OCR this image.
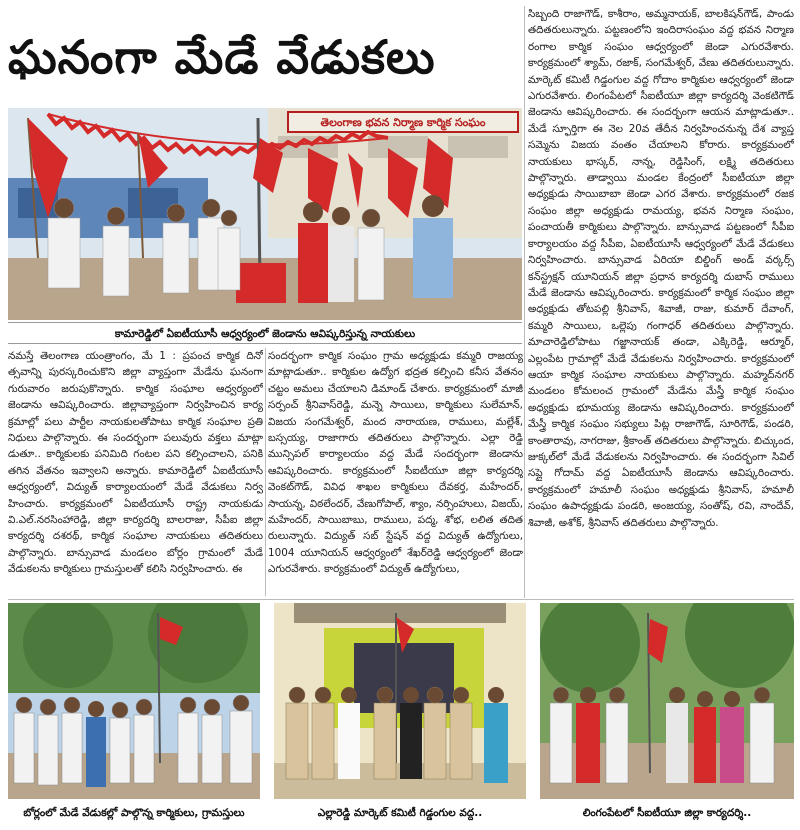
ఘనంగా మేడే వేడుకలు
తెలంగాణ భవన నిర్మాణ కార్మిక సంఘం
కామారెడ్డిలో ఏఐటీయూసీ ఆధ్వర్యంలో జెండాను ఆవిష్కరిస్తున్న నాయకులు

సిబ్బంది రాజాగౌడ్, కాశీరాం, అమ్మనాయక్, బాలకిషన్‌గౌడ్, పాండు తదితరులున్నారు. పట్టణంలోని ఇందిరాసంఘం వద్ద భవన నిర్మాణ రంగాల కార్మిక సంఘం ఆధ్వర్యంలో జెండా ఎగురవేశారు. కార్యక్రమంలో శ్యామ్, రజాక్, సంగమేశ్వర్, వేణు తదితరులున్నారు. మార్కెట్ కమిటీ గిడ్డంగుల వద్ద గోదాం కార్మికుల ఆధ్వర్యంలో జెండా ఎగురవేశారు. లింగంపేటలో సీఐటీయూ జిల్లా కార్యదర్శి వెంకటిగౌడ్ జెండాను ఆవిష్కరించారు. ఈ సందర్భంగా ఆయన మాట్లాడుతూ.. మేడే స్ఫూర్తిగా ఈ నెల 20వ తేదీన నిర్వహించనున్న దేశ వ్యాప్త సమ్మెను విజయ వంతం చేయాలని కోరారు. కార్యక్రమంలో నాయకులు భాస్కర్, నాన్న, రెడ్డిసింగ్, లక్ష్మి తదితరులు పాల్గొన్నారు. తాడ్వాయి మండల కేంద్రంలో సీఐటీయూ జిల్లా అధ్యక్షుడు సాయిబాబా జెండా ఎగర వేశారు. కార్యక్రమంలో రజక సంఘం జిల్లా అధ్యక్షుడు రామయ్య, భవన నిర్మాణ సంఘం, పంచాయతీ కార్మికులు పాల్గొన్నారు. బాన్సువాడ పట్టణంలో సీపీఐ కార్యాలయం వద్ద సీపీఐ, ఏఐటీయూసీ ఆధ్వర్యంలో మేడే వేడుకలు నిర్వహించారు. బాన్సువాడ ఏరియా బిల్డింగ్ అండ్ వర్కర్స్ కన్‌స్ట్రక్షన్ యూనియన్ జిల్లా ప్రధాన కార్యదర్శి దుబాస్ రాములు మేడే జెండాను ఆవిష్కరించారు. కార్యక్రమంలో కార్మిక సంఘం జిల్లా అధ్యక్షుడు తోటపల్లి శ్రీనివాస్, శివాజీ, రాజు, కుమార్ దేవాంగ్, కమ్మరి సాయిలు, ఒల్లెపు గంగాధర్ తదితరులు పాల్గొన్నారు. మాచారెడ్డిలోపాటు గజ్జానాయక్ తండా, ఎక్కిరెడ్డి, ఆర్మూర్, ఎల్లంపేట గ్రామాల్లో మేడే వేడుకలను నిర్వహించారు. కార్యక్రమంలో ఆయా కార్మిక సంఘాల నాయకులు పాల్గొన్నారు. మహ్మద్‌నగర్ మండలం కోమలంచ గ్రామంలో మేడేను మేస్త్రీ కార్మిక సంఘం అధ్యక్షుడు భూమయ్య జెండాను ఆవిష్కరించారు. కార్యక్రమంలో మేస్త్రీ కార్మిక సంఘం సభ్యులు పిట్ల రాజాగౌడ్, సూరిగౌడ్, పండరి, కాంతారావు, నాగరాజు, శ్రీకాంత్ తదితరులు పాల్గొన్నారు. బిచ్కుంద, జుక్కల్‌లో మేడే వేడుకలను నిర్వహించారు. ఈ సందర్భంగా సివిల్ సప్లై గోదామ్ వద్ద ఏఐటీయూసీ జెండాను ఆవిష్కరించారు. కార్యక్రమంలో హమాలీ సంఘం అధ్యక్షుడు శ్రీనివాస్, హమాలీ సంఘం ఉపాధ్యక్షుడు పండరి, అంజయ్య, సంతోష్, రవి, నాందేవ్, శివాజీ, అశోక్, శ్రీనివాస్ తదితరులు పాల్గొన్నారు.

నమస్తే తెలంగాణ యంత్రాంగం, మే 1 : ప్రపంచ కార్మిక దినో త్సవాన్ని పురస్కరించుకొని జిల్లా వ్యాప్తంగా మేడేను ఘనంగా గురువారం జరుపుకొన్నారు. కార్మిక సంఘాల ఆధ్వర్యంలో జెండాను ఆవిష్కరించారు. జిల్లావ్యాప్తంగా నిర్వహించిన కార్య క్రమాల్లో పలు పార్టీల నాయకులతోపాటు కార్మిక సంఘాల ప్రతి నిధులు పాల్గొన్నారు. ఈ సందర్భంగా పలువురు వక్తలు మాట్లా డుతూ.. కార్మికులకు పనిమిది గంటల పని కల్పించాలని, పనికి తగిన వేతనం ఇవ్వాలని అన్నారు. కామారెడ్డిలో ఏఐటీయూసీ ఆధ్వర్యంలో, విద్యుత్ కార్యాలయంలో మేడే వేడుకలు నిర్వ హించారు. కార్యక్రమంలో ఏఐటీయూసీ రాష్ట్ర నాయకుడు వి.ఎల్.నరసింహారెడ్డి, జిల్లా కార్యదర్శి బాలరాజు, సీపీఐ జిల్లా కార్యదర్శి దశరథ్, కార్మిక సంఘాల నాయకులు తదితరులు పాల్గొన్నారు. బాన్సువాడ మండలం బోర్లం గ్రామంలో మేడే వేడుకలను కార్మికులు గ్రామస్తులతో కలిసి నిర్వహించారు. ఈ

సందర్భంగా కార్మిక సంఘం గ్రామ అధ్యక్షుడు కమ్మరి రాజయ్య మాట్లాడుతూ.. కార్మికుల ఉద్యోగ భద్రత కల్పించి కనీస వేతనం చట్టం అమలు చేయాలని డిమాండ్ చేశారు. కార్యక్రమంలో మాజీ సర్పంచ్ శ్రీనివాస్‌రెడ్డి, మన్నె సాయిలు, కార్మికులు సులేమాన్, విజయ సంగమేశ్వర్, మంద నారాయణ, రాములు, మల్లేశ్, బస్సయ్య, రాజాగారు తదితరులు పాల్గొన్నారు. ఎల్లా రెడ్డి మున్సిపల్ కార్యాలయం వద్ద మేడే సందర్భంగా జెండాను ఆవిష్కరించారు. కార్యక్రమంలో సీఐటీయూ జిల్లా కార్యదర్శి వెంకట్‌గౌడ్, వివిధ శాఖల కార్మికులు దేవకర్త, మహేందర్, సాయన్న, విఠలేందర్, వేణుగోపాల్, శ్యాం, నర్సింహులు, విజయ్, మహేందర్, సాయిబాబు, రాములు, పద్మ, శోభ, లలిత తదిత రులున్నారు. విద్యుత్ సబ్ స్టేషన్ వద్ద విద్యుత్ ఉద్యోగులు, 1004 యూనియన్ ఆధ్వర్యంలో శేఖర్‌రెడ్డి ఆధ్వర్యంలో జెండా ఎగురవేశారు. కార్యక్రమంలో విద్యుత్ ఉద్యోగులు,

బోర్లంలో మేడే వేడుకల్లో పాల్గొన్న కార్మికులు, గ్రామస్తులు	ఎల్లారెడ్డి మార్కెట్ కమిటీ గిడ్డంగుల వద్ద..	లింగంపేటలో సీఐటీయూ జిల్లా కార్యదర్శి..
